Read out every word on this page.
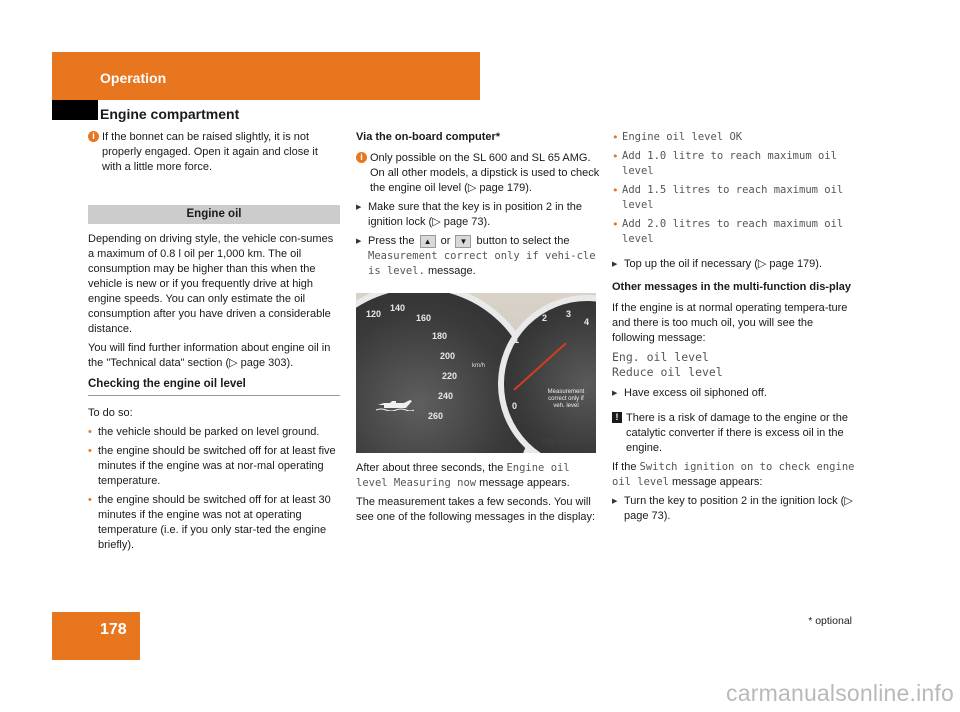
Operation
Engine compartment
i If the bonnet can be raised slightly, it is not properly engaged. Open it again and close it with a little more force.
Engine oil

Depending on driving style, the vehicle con-sumes a maximum of 0.8 l oil per 1,000 km. The oil consumption may be higher than this when the vehicle is new or if you frequently drive at high engine speeds. You can only estimate the oil consumption after you have driven a considerable distance.

You will find further information about engine oil in the "Technical data" section (▷ page 303).

Checking the engine oil level

To do so:

• the vehicle should be parked on level ground.
• the engine should be switched off for at least five minutes if the engine was at nor-mal operating temperature.
• the engine should be switched off for at least 30 minutes if the engine was not at operating temperature (i.e. if you only star-ted the engine briefly).

Via the on-board computer*

i Only possible on the SL 600 and SL 65 AMG. On all other models, a dipstick is used to check the engine oil level (▷ page 179).
▶ Make sure that the key is in position 2 in the ignition lock (▷ page 73).
▶ Press the ▲ or ▼ button to select the Measurement correct only if vehi-cle is level. message.
120
140
160
180
200
220
240
260
2 3
4
1
0
km/h
Measurement correct only if veh. level
P54.30-9641-31

After about three seconds, the Engine oil level Measuring now message appears.

The measurement takes a few seconds. You will see one of the following messages in the display:

• Engine oil level OK
• Add 1.0 litre to reach maximum oil level
• Add 1.5 litres to reach maximum oil level
• Add 2.0 litres to reach maximum oil level
▶ Top up the oil if necessary (▷ page 179).

Other messages in the multi-function dis-play

If the engine is at normal operating tempera-ture and there is too much oil, you will see the following message:

Eng. oil level

Reduce oil level

▶ Have excess oil siphoned off.
! There is a risk of damage to the engine or the catalytic converter if there is excess oil in the engine.

If the Switch ignition on to check engine oil level message appears:

▶ Turn the key to position 2 in the ignition lock (▷ page 73).
178	* optional
carmanualsonline.info
